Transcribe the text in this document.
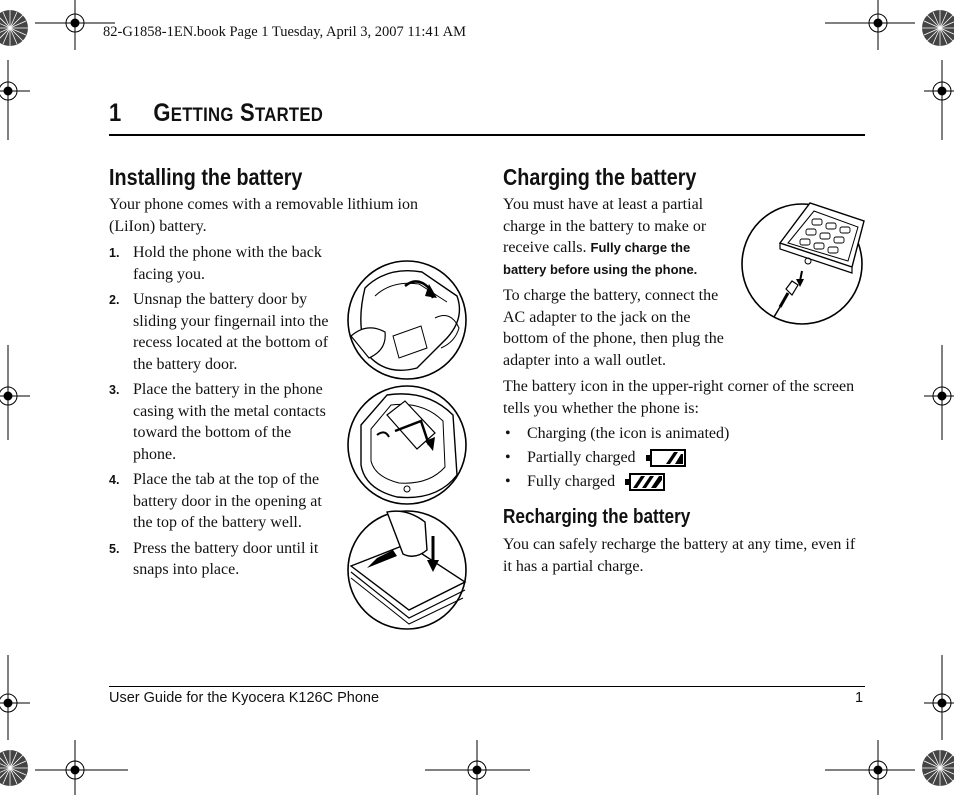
82-G1858-1EN.book Page 1 Tuesday, April 3, 2007 11:41 AM
1 GETTING STARTED
Installing the battery
Your phone comes with a removable lithium ion (LiIon) battery.
1. Hold the phone with the back facing you.
2. Unsnap the battery door by sliding your fingernail into the recess located at the bottom of the battery door.
3. Place the battery in the phone casing with the metal contacts toward the bottom of the phone.
4. Place the tab at the top of the battery door in the opening at the top of the battery well.
5. Press the battery door until it snaps into place.
Charging the battery
You must have at least a partial charge in the battery to make or receive calls. Fully charge the battery before using the phone.
To charge the battery, connect the AC adapter to the jack on the bottom of the phone, then plug the adapter into a wall outlet.
The battery icon in the upper-right corner of the screen tells you whether the phone is:
• Charging (the icon is animated)
• Partially charged
• Fully charged
Recharging the battery
You can safely recharge the battery at any time, even if it has a partial charge.
User Guide for the Kyocera K126C Phone	1
